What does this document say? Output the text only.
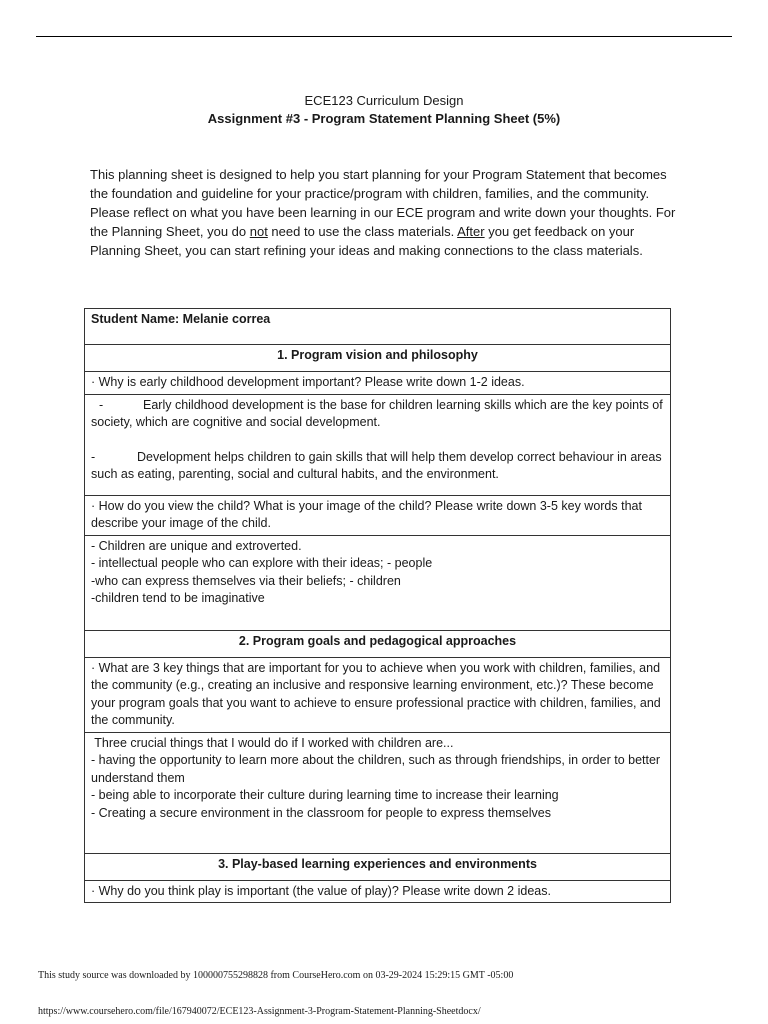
ECE123 Curriculum Design
Assignment #3 - Program Statement Planning Sheet (5%)
This planning sheet is designed to help you start planning for your Program Statement that becomes the foundation and guideline for your practice/program with children, families, and the community. Please reflect on what you have been learning in our ECE program and write down your thoughts. For the Planning Sheet, you do not need to use the class materials. After you get feedback on your Planning Sheet, you can start refining your ideas and making connections to the class materials.
Student Name: Melanie correa
1. Program vision and philosophy
· Why is early childhood development important? Please write down 1-2 ideas.

-	Early childhood development is the base for children learning skills which are the key points of society, which are cognitive and social development.

-	Development helps children to gain skills that will help them develop correct behaviour in areas such as eating, parenting, social and cultural habits, and the environment.

· How do you view the child? What is your image of the child? Please write down 3-5 key words that describe your image of the child.

- Children are unique and extroverted.
- intellectual people who can explore with their ideas; - people
-who can express themselves via their beliefs; - children
-children tend to be imaginative

2. Program goals and pedagogical approaches
· What are 3 key things that are important for you to achieve when you work with children, families, and the community (e.g., creating an inclusive and responsive learning environment, etc.)? These become your program goals that you want to achieve to ensure professional practice with children, families, and the community.

Three crucial things that I would do if I worked with children are...
- having the opportunity to learn more about the children, such as through friendships, in order to better understand them
- being able to incorporate their culture during learning time to increase their learning
- Creating a secure environment in the classroom for people to express themselves

3. Play-based learning experiences and environments
· Why do you think play is important (the value of play)? Please write down 2 ideas.
This study source was downloaded by 100000755298828 from CourseHero.com on 03-29-2024 15:29:15 GMT -05:00
https://www.coursehero.com/file/167940072/ECE123-Assignment-3-Program-Statement-Planning-Sheetdocx/
